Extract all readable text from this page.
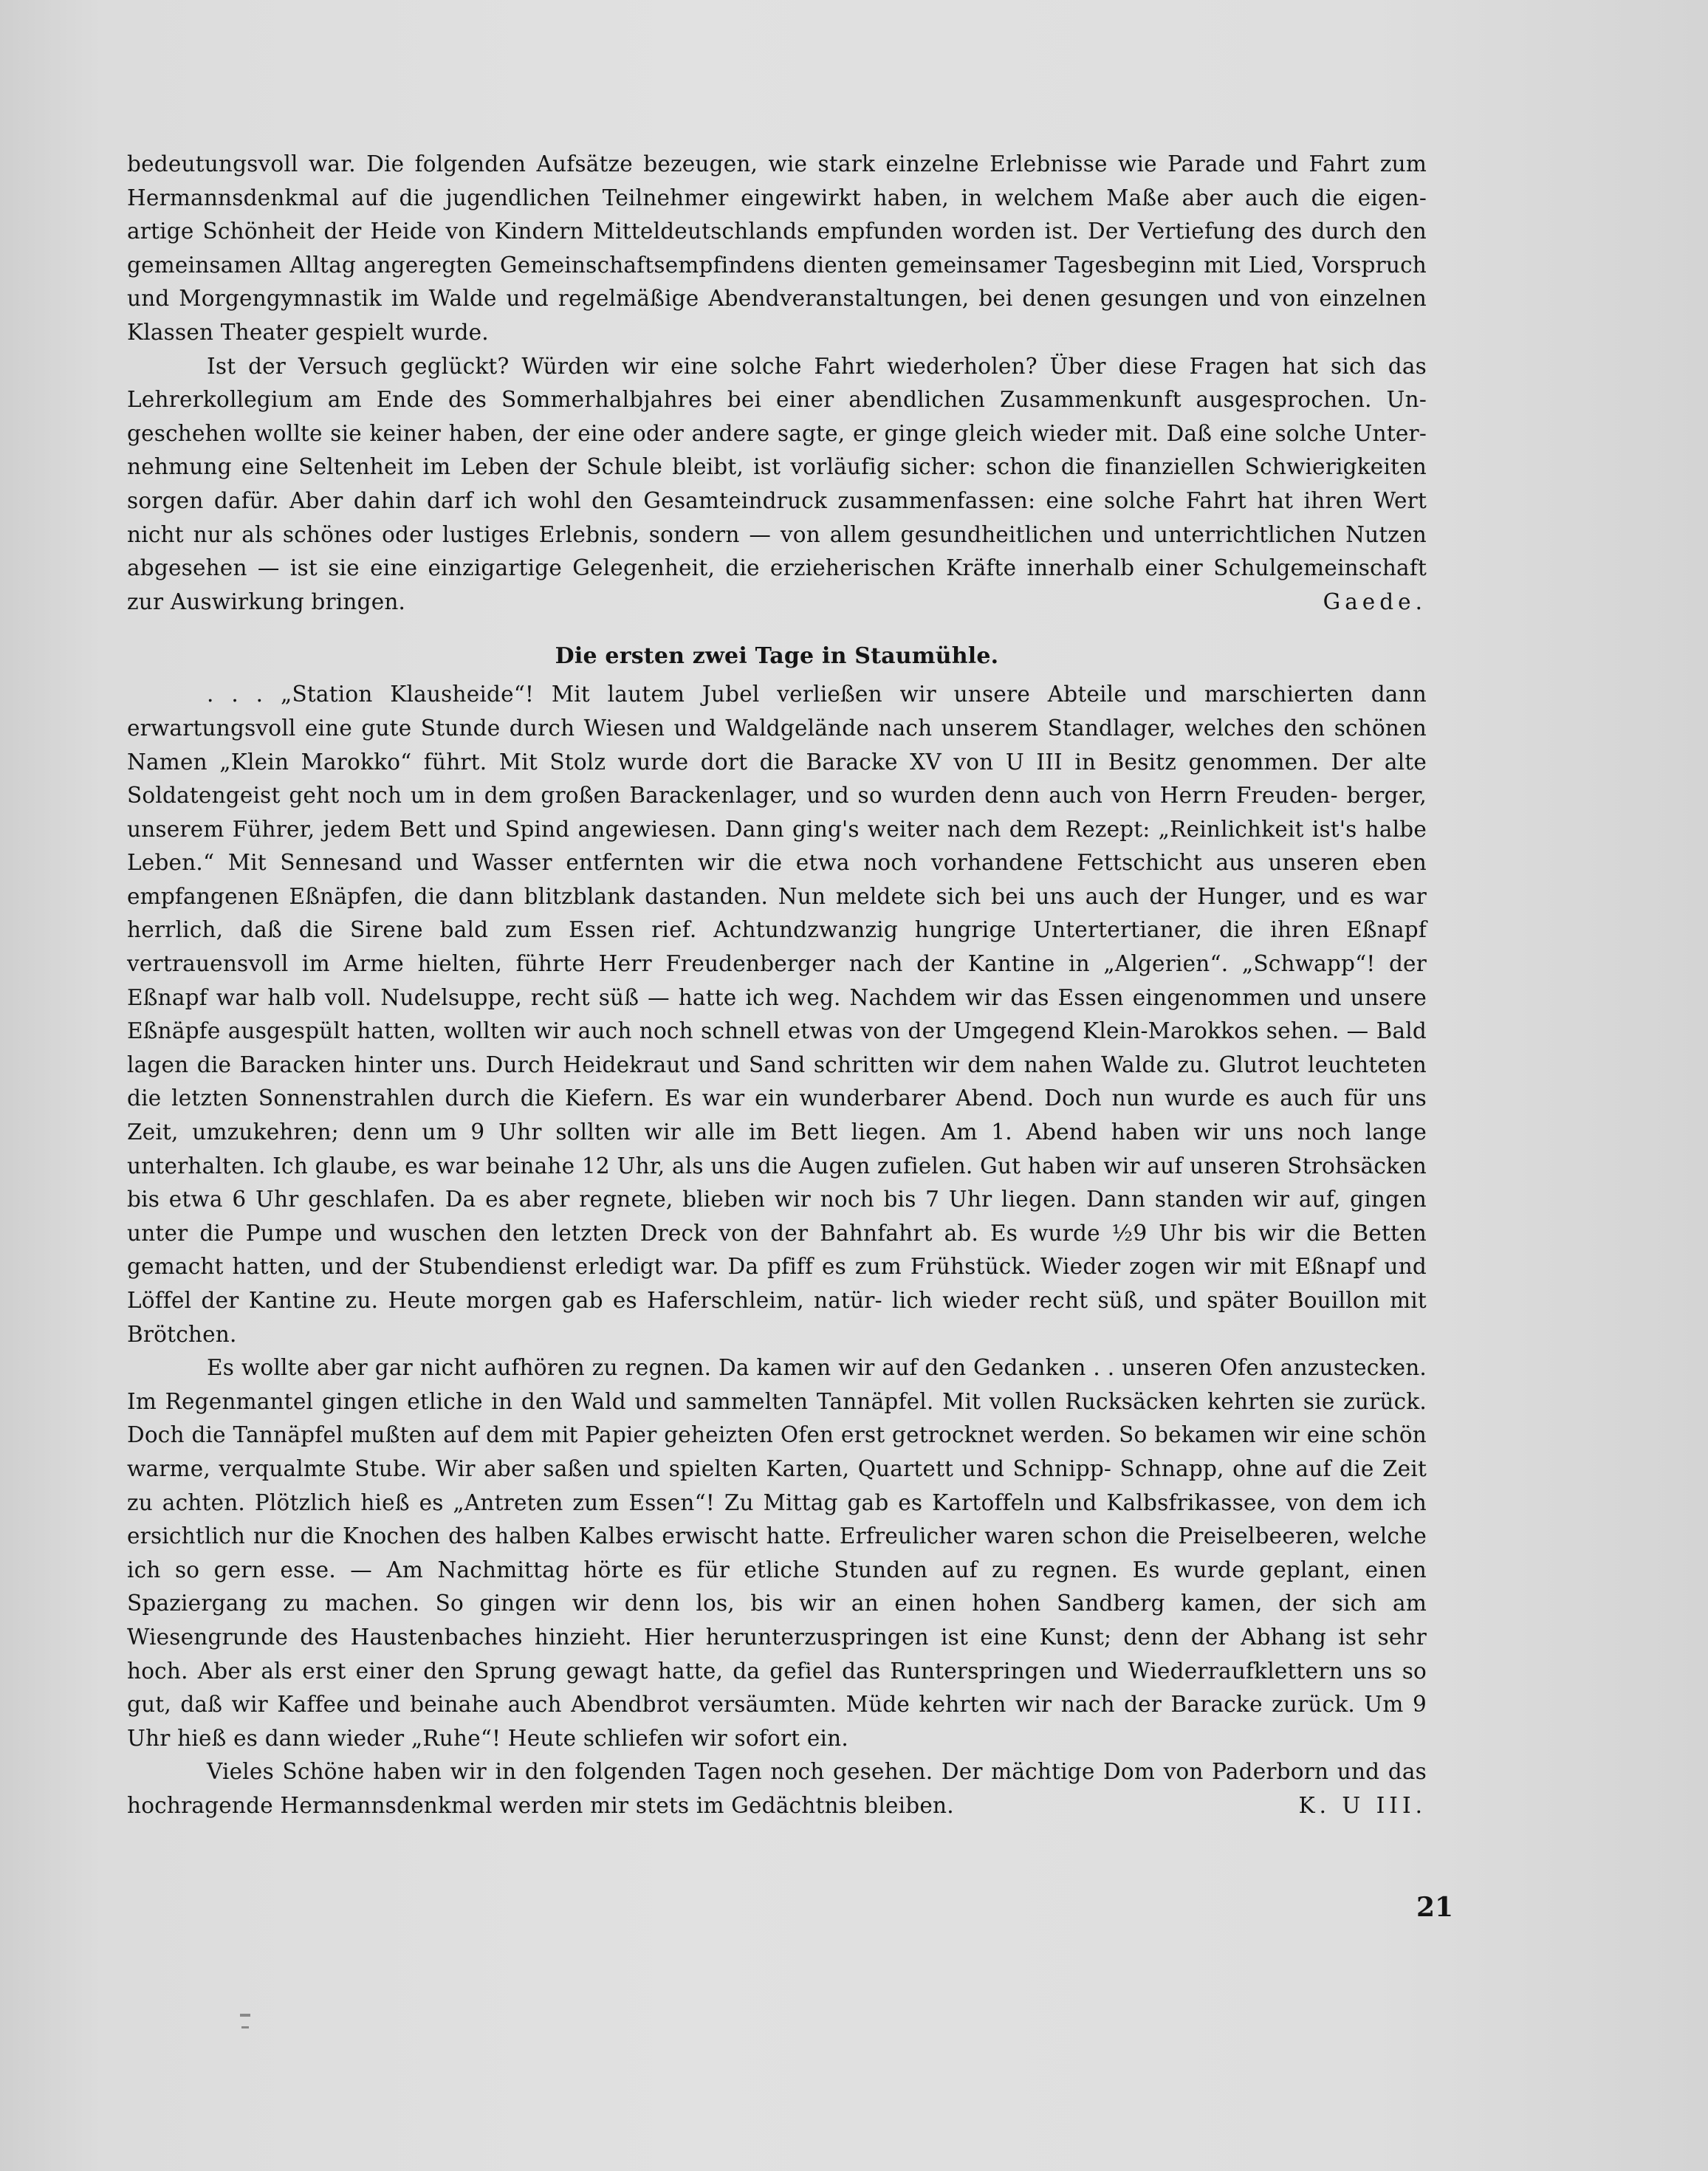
bedeutungsvoll war. Die folgenden Aufsätze bezeugen, wie stark einzelne Erlebnisse wie Parade und Fahrt zum Hermannsdenkmal auf die jugendlichen Teilnehmer eingewirkt haben, in welchem Maße aber auch die eigen- artige Schönheit der Heide von Kindern Mitteldeutschlands empfunden worden ist. Der Vertiefung des durch den gemeinsamen Alltag angeregten Gemeinschaftsempfindens dienten gemeinsamer Tagesbeginn mit Lied, Vorspruch und Morgengymnastik im Walde und regelmäßige Abendveranstaltungen, bei denen gesungen und von einzelnen Klassen Theater gespielt wurde.

Ist der Versuch geglückt? Würden wir eine solche Fahrt wiederholen? Über diese Fragen hat sich das Lehrerkollegium am Ende des Sommerhalbjahres bei einer abendlichen Zusammenkunft ausgesprochen. Un- geschehen wollte sie keiner haben, der eine oder andere sagte, er ginge gleich wieder mit. Daß eine solche Unter- nehmung eine Seltenheit im Leben der Schule bleibt, ist vorläufig sicher: schon die finanziellen Schwierigkeiten sorgen dafür. Aber dahin darf ich wohl den Gesamteindruck zusammenfassen: eine solche Fahrt hat ihren Wert nicht nur als schönes oder lustiges Erlebnis, sondern — von allem gesundheitlichen und unterrichtlichen Nutzen abgesehen — ist sie eine einzigartige Gelegenheit, die erzieherischen Kräfte innerhalb einer Schulgemeinschaft zur Auswirkung bringen.	Gaede.

Die ersten zwei Tage in Staumühle.

. . . „Station Klausheide“! Mit lautem Jubel verließen wir unsere Abteile und marschierten dann erwartungsvoll eine gute Stunde durch Wiesen und Waldgelände nach unserem Standlager, welches den schönen Namen „Klein Marokko“ führt. Mit Stolz wurde dort die Baracke XV von U III in Besitz genommen. Der alte Soldatengeist geht noch um in dem großen Barackenlager, und so wurden denn auch von Herrn Freuden- berger, unserem Führer, jedem Bett und Spind angewiesen. Dann ging's weiter nach dem Rezept: „Reinlichkeit ist's halbe Leben.“ Mit Sennesand und Wasser entfernten wir die etwa noch vorhandene Fettschicht aus unseren eben empfangenen Eßnäpfen, die dann blitzblank dastanden. Nun meldete sich bei uns auch der Hunger, und es war herrlich, daß die Sirene bald zum Essen rief. Achtundzwanzig hungrige Untertertianer, die ihren Eßnapf vertrauensvoll im Arme hielten, führte Herr Freudenberger nach der Kantine in „Algerien“. „Schwapp“! der Eßnapf war halb voll. Nudelsuppe, recht süß — hatte ich weg. Nachdem wir das Essen eingenommen und unsere Eßnäpfe ausgespült hatten, wollten wir auch noch schnell etwas von der Umgegend Klein-Marokkos sehen. — Bald lagen die Baracken hinter uns. Durch Heidekraut und Sand schritten wir dem nahen Walde zu. Glutrot leuchteten die letzten Sonnenstrahlen durch die Kiefern. Es war ein wunderbarer Abend. Doch nun wurde es auch für uns Zeit, umzukehren; denn um 9 Uhr sollten wir alle im Bett liegen. Am 1. Abend haben wir uns noch lange unterhalten. Ich glaube, es war beinahe 12 Uhr, als uns die Augen zufielen. Gut haben wir auf unseren Strohsäcken bis etwa 6 Uhr geschlafen. Da es aber regnete, blieben wir noch bis 7 Uhr liegen. Dann standen wir auf, gingen unter die Pumpe und wuschen den letzten Dreck von der Bahnfahrt ab. Es wurde ½9 Uhr bis wir die Betten gemacht hatten, und der Stubendienst erledigt war. Da pfiff es zum Frühstück. Wieder zogen wir mit Eßnapf und Löffel der Kantine zu. Heute morgen gab es Haferschleim, natür- lich wieder recht süß, und später Bouillon mit Brötchen.

Es wollte aber gar nicht aufhören zu regnen. Da kamen wir auf den Gedanken . . unseren Ofen anzustecken. Im Regenmantel gingen etliche in den Wald und sammelten Tannäpfel. Mit vollen Rucksäcken kehrten sie zurück. Doch die Tannäpfel mußten auf dem mit Papier geheizten Ofen erst getrocknet werden. So bekamen wir eine schön warme, verqualmte Stube. Wir aber saßen und spielten Karten, Quartett und Schnipp- Schnapp, ohne auf die Zeit zu achten. Plötzlich hieß es „Antreten zum Essen“! Zu Mittag gab es Kartoffeln und Kalbsfrikassee, von dem ich ersichtlich nur die Knochen des halben Kalbes erwischt hatte. Erfreulicher waren schon die Preiselbeeren, welche ich so gern esse. — Am Nachmittag hörte es für etliche Stunden auf zu regnen. Es wurde geplant, einen Spaziergang zu machen. So gingen wir denn los, bis wir an einen hohen Sandberg kamen, der sich am Wiesengrunde des Haustenbaches hinzieht. Hier herunterzuspringen ist eine Kunst; denn der Abhang ist sehr hoch. Aber als erst einer den Sprung gewagt hatte, da gefiel das Runterspringen und Wiederraufklettern uns so gut, daß wir Kaffee und beinahe auch Abendbrot versäumten. Müde kehrten wir nach der Baracke zurück. Um 9 Uhr hieß es dann wieder „Ruhe“! Heute schliefen wir sofort ein.

Vieles Schöne haben wir in den folgenden Tagen noch gesehen. Der mächtige Dom von Paderborn und das hochragende Hermannsdenkmal werden mir stets im Gedächtnis bleiben.	K. U III.

21
